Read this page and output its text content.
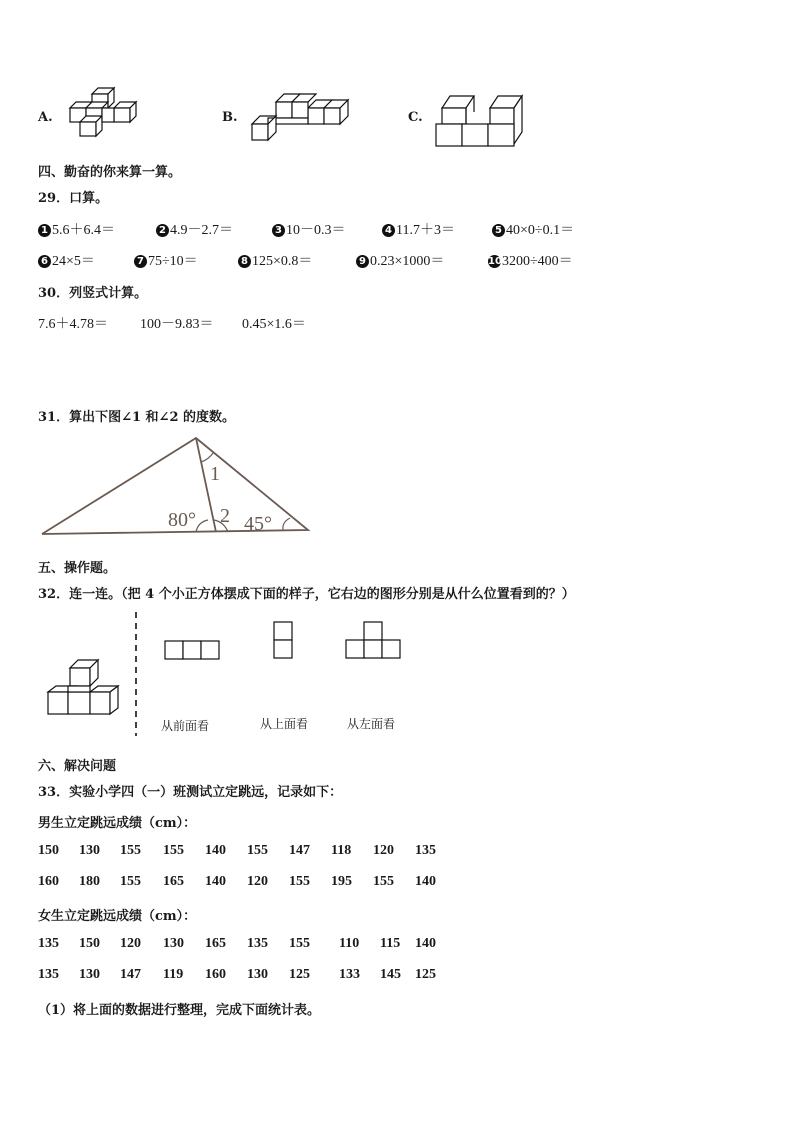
A.	B.	C.
四、勤奋的你来算一算。
29．口算。
1 5.6＋6.4＝	2 4.9－2.7＝	3 10－0.3＝	4 11.7＋3＝	5 40×0÷0.1＝
6 24×5＝	7 75÷10＝	8 125×0.8＝	9 0.23×1000＝	103200÷400＝
30．列竖式计算。
7.6＋4.78＝ 100－9.83＝ 0.45×1.6＝
31．算出下图∠1 和∠2 的度数。
1
2
80° 45°
五、操作题。
32．连一连。（把 4 个小正方体摆成下面的样子，它右边的图形分别是从什么位置看到的？）
从前面看	从上面看	从左面看
六、解决问题
33．实验小学四（一）班测试立定跳远，记录如下：
男生立定跳远成绩（cm）：
150 130 155 155 140 155 147 118 120 135
160 180 155 165 140 120 155 195 155 140
女生立定跳远成绩（cm）：
135 150 120 130 165 135 155 110 115 140
135 130 147 119 160 130 125 133 145 125
（1）将上面的数据进行整理，完成下面统计表。
